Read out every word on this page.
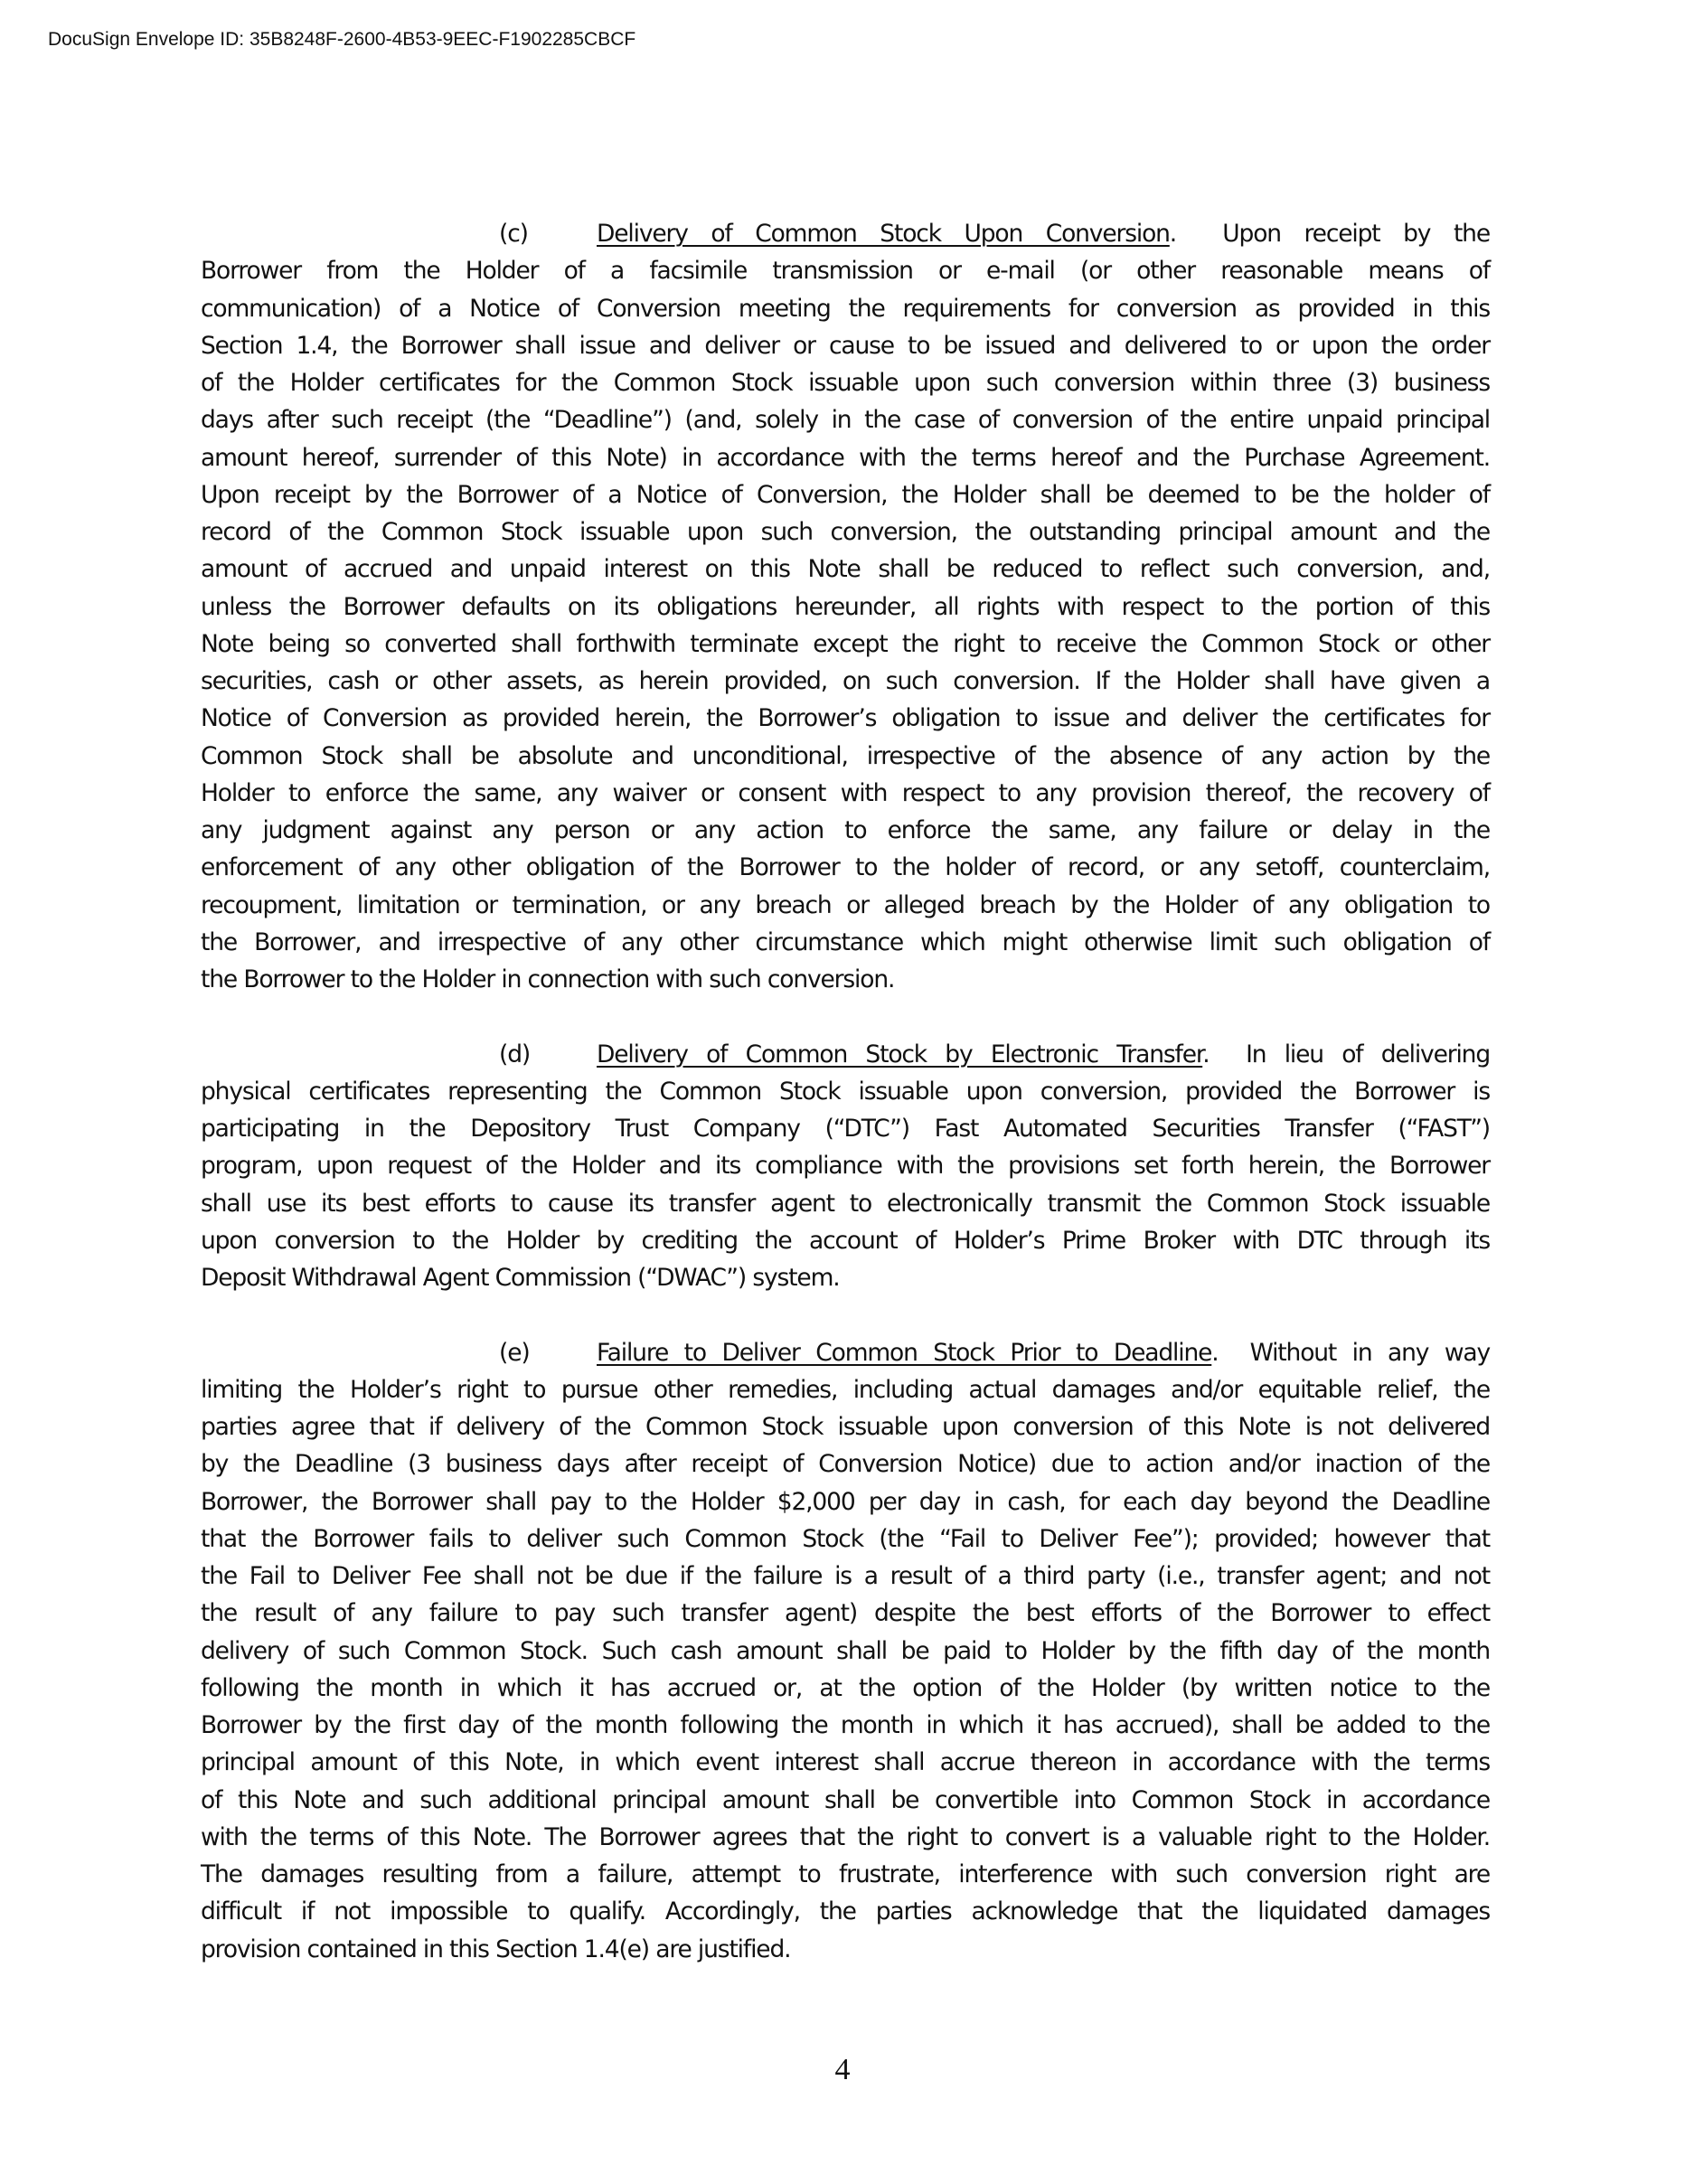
DocuSign Envelope ID: 35B8248F-2600-4B53-9EEC-F1902285CBCF
(c)	Delivery of Common Stock Upon Conversion. Upon receipt by the
Borrower from the Holder of a facsimile transmission or e-mail (or other reasonable means of
communication) of a Notice of Conversion meeting the requirements for conversion as provided in this
Section 1.4, the Borrower shall issue and deliver or cause to be issued and delivered to or upon the order
of the Holder certificates for the Common Stock issuable upon such conversion within three (3) business
days after such receipt (the “Deadline”) (and, solely in the case of conversion of the entire unpaid principal
amount hereof, surrender of this Note) in accordance with the terms hereof and the Purchase Agreement.
Upon receipt by the Borrower of a Notice of Conversion, the Holder shall be deemed to be the holder of
record of the Common Stock issuable upon such conversion, the outstanding principal amount and the
amount of accrued and unpaid interest on this Note shall be reduced to reflect such conversion, and,
unless the Borrower defaults on its obligations hereunder, all rights with respect to the portion of this
Note being so converted shall forthwith terminate except the right to receive the Common Stock or other
securities, cash or other assets, as herein provided, on such conversion. If the Holder shall have given a
Notice of Conversion as provided herein, the Borrower’s obligation to issue and deliver the certificates for
Common Stock shall be absolute and unconditional, irrespective of the absence of any action by the
Holder to enforce the same, any waiver or consent with respect to any provision thereof, the recovery of
any judgment against any person or any action to enforce the same, any failure or delay in the
enforcement of any other obligation of the Borrower to the holder of record, or any setoff, counterclaim,
recoupment, limitation or termination, or any breach or alleged breach by the Holder of any obligation to
the Borrower, and irrespective of any other circumstance which might otherwise limit such obligation of
the Borrower to the Holder in connection with such conversion.
(d)	Delivery of Common Stock by Electronic Transfer. In lieu of delivering
physical certificates representing the Common Stock issuable upon conversion, provided the Borrower is
participating in the Depository Trust Company (“DTC”) Fast Automated Securities Transfer (“FAST”)
program, upon request of the Holder and its compliance with the provisions set forth herein, the Borrower
shall use its best efforts to cause its transfer agent to electronically transmit the Common Stock issuable
upon conversion to the Holder by crediting the account of Holder’s Prime Broker with DTC through its
Deposit Withdrawal Agent Commission (“DWAC”) system.
(e)	Failure to Deliver Common Stock Prior to Deadline. Without in any way
limiting the Holder’s right to pursue other remedies, including actual damages and/or equitable relief, the
parties agree that if delivery of the Common Stock issuable upon conversion of this Note is not delivered
by the Deadline (3 business days after receipt of Conversion Notice) due to action and/or inaction of the
Borrower, the Borrower shall pay to the Holder $2,000 per day in cash, for each day beyond the Deadline
that the Borrower fails to deliver such Common Stock (the “Fail to Deliver Fee”); provided; however that
the Fail to Deliver Fee shall not be due if the failure is a result of a third party (i.e., transfer agent; and not
the result of any failure to pay such transfer agent) despite the best efforts of the Borrower to effect
delivery of such Common Stock. Such cash amount shall be paid to Holder by the fifth day of the month
following the month in which it has accrued or, at the option of the Holder (by written notice to the
Borrower by the first day of the month following the month in which it has accrued), shall be added to the
principal amount of this Note, in which event interest shall accrue thereon in accordance with the terms
of this Note and such additional principal amount shall be convertible into Common Stock in accordance
with the terms of this Note. The Borrower agrees that the right to convert is a valuable right to the Holder.
The damages resulting from a failure, attempt to frustrate, interference with such conversion right are
difficult if not impossible to qualify. Accordingly, the parties acknowledge that the liquidated damages
provision contained in this Section 1.4(e) are justified.
4
